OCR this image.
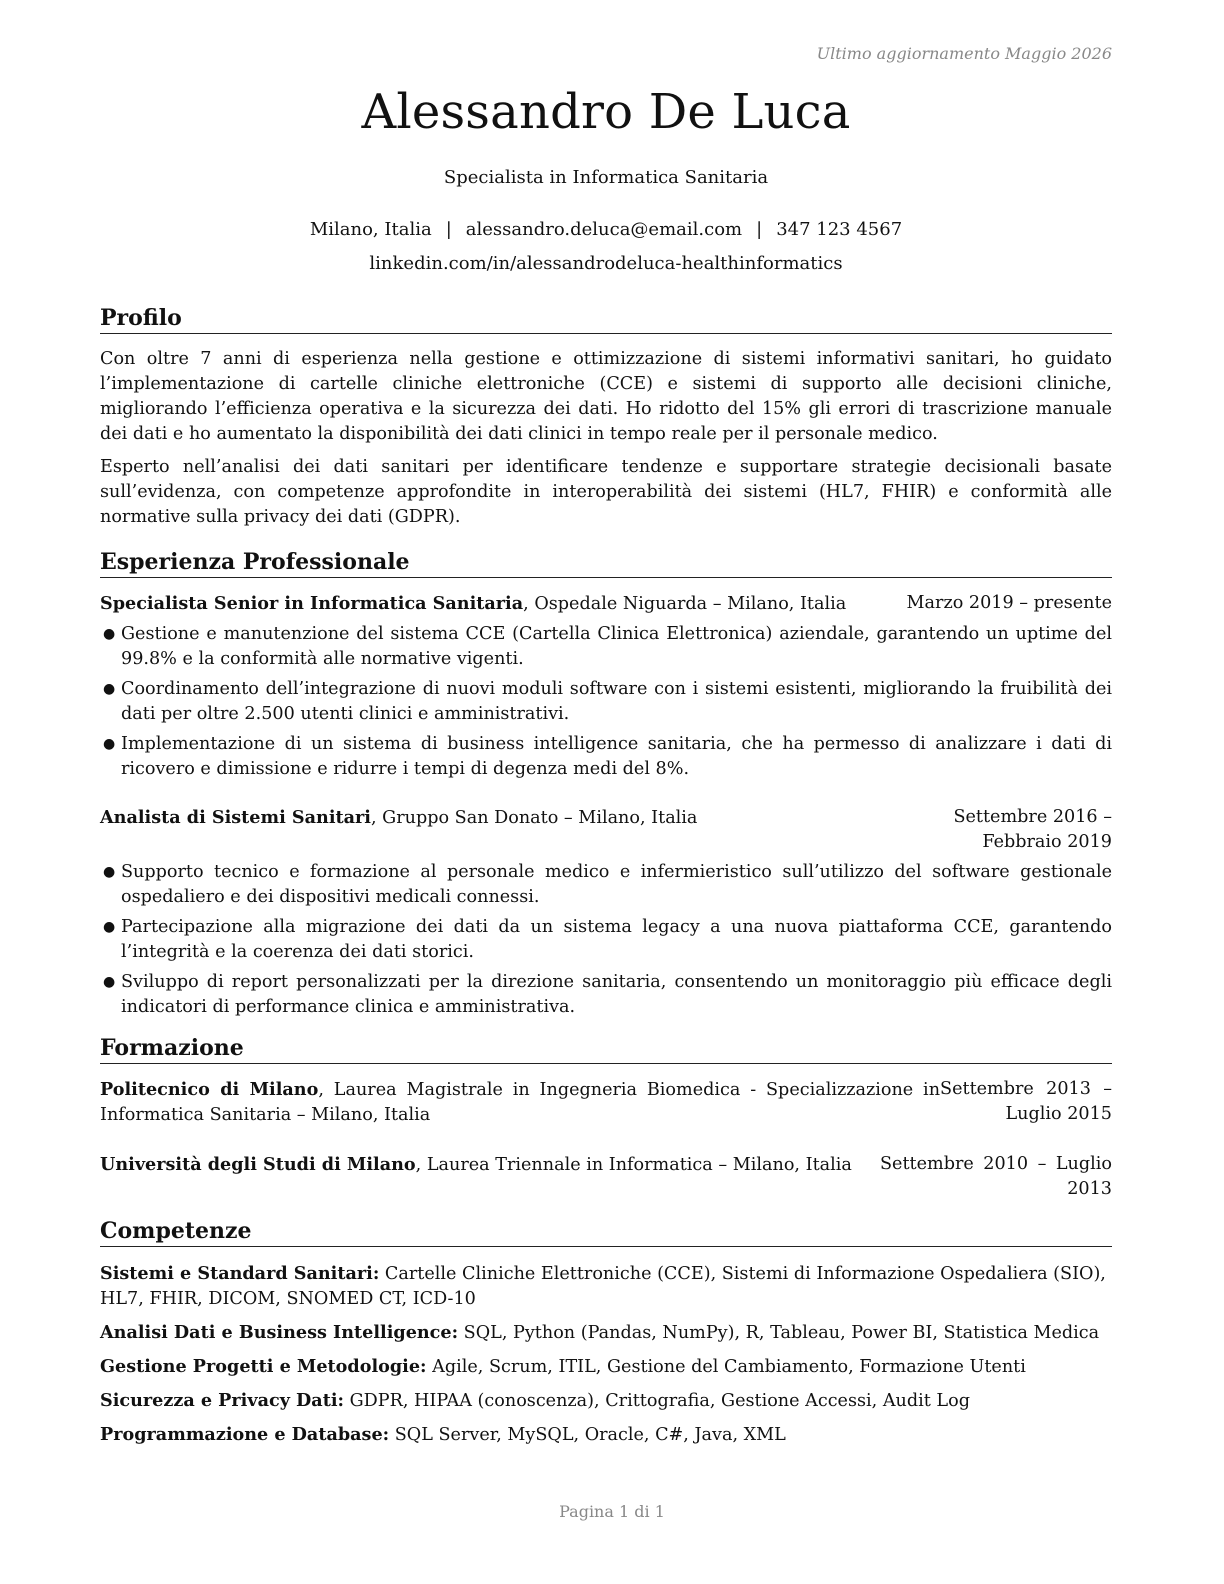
Ultimo aggiornamento Maggio 2026
Alessandro De Luca
Specialista in Informatica Sanitaria
Milano, Italia | alessandro.deluca@email.com | 347 123 4567
linkedin.com/in/alessandrodeluca-healthinformatics
Profilo

Con oltre 7 anni di esperienza nella gestione e ottimizzazione di sistemi informativi sanitari, ho guidato l’implementazione di cartelle cliniche elettroniche (CCE) e sistemi di supporto alle decisioni cliniche, migliorando l’efficienza operativa e la sicurezza dei dati. Ho ridotto del 15% gli errori di trascrizione manuale dei dati e ho aumentato la disponibilità dei dati clinici in tempo reale per il personale medico.

Esperto nell’analisi dei dati sanitari per identificare tendenze e supportare strategie decisionali basate sull’evidenza, con competenze approfondite in interoperabilità dei sistemi (HL7, FHIR) e conformità alle normative sulla privacy dei dati (GDPR).

Esperienza Professionale
Specialista Senior in Informatica Sanitaria, Ospedale Niguarda – Milano, Italia	Marzo 2019 – presente
● Gestione e manutenzione del sistema CCE (Cartella Clinica Elettronica) aziendale, garantendo un uptime del 99.8% e la conformità alle normative vigenti.
● Coordinamento dell’integrazione di nuovi moduli software con i sistemi esistenti, migliorando la fruibilità dei dati per oltre 2.500 utenti clinici e amministrativi.
● Implementazione di un sistema di business intelligence sanitaria, che ha permesso di analizzare i dati di ricovero e dimissione e ridurre i tempi di degenza medi del 8%.
Analista di Sistemi Sanitari, Gruppo San Donato – Milano, Italia	Settembre 2016 – Febbraio 2019
● Supporto tecnico e formazione al personale medico e infermieristico sull’utilizzo del software gestionale ospedaliero e dei dispositivi medicali connessi.
● Partecipazione alla migrazione dei dati da un sistema legacy a una nuova piattaforma CCE, garantendo l’integrità e la coerenza dei dati storici.
● Sviluppo di report personalizzati per la direzione sanitaria, consentendo un monitoraggio più efficace degli indicatori di performance clinica e amministrativa.
Formazione
Politecnico di Milano, Laurea Magistrale in Ingegneria Biomedica - Specializzazione in Informatica Sanitaria – Milano, Italia
Settembre 2013 – Luglio 2015
Università degli Studi di Milano, Laurea Triennale in Informatica – Milano, Italia	Settembre 2010 – Luglio 2013
Competenze
Sistemi e Standard Sanitari: Cartelle Cliniche Elettroniche (CCE), Sistemi di Informazione Ospedaliera (SIO), HL7, FHIR, DICOM, SNOMED CT, ICD-10
Analisi Dati e Business Intelligence: SQL, Python (Pandas, NumPy), R, Tableau, Power BI, Statistica Medica
Gestione Progetti e Metodologie: Agile, Scrum, ITIL, Gestione del Cambiamento, Formazione Utenti
Sicurezza e Privacy Dati: GDPR, HIPAA (conoscenza), Crittografia, Gestione Accessi, Audit Log
Programmazione e Database: SQL Server, MySQL, Oracle, C#, Java, XML
Pagina 1 di 1
